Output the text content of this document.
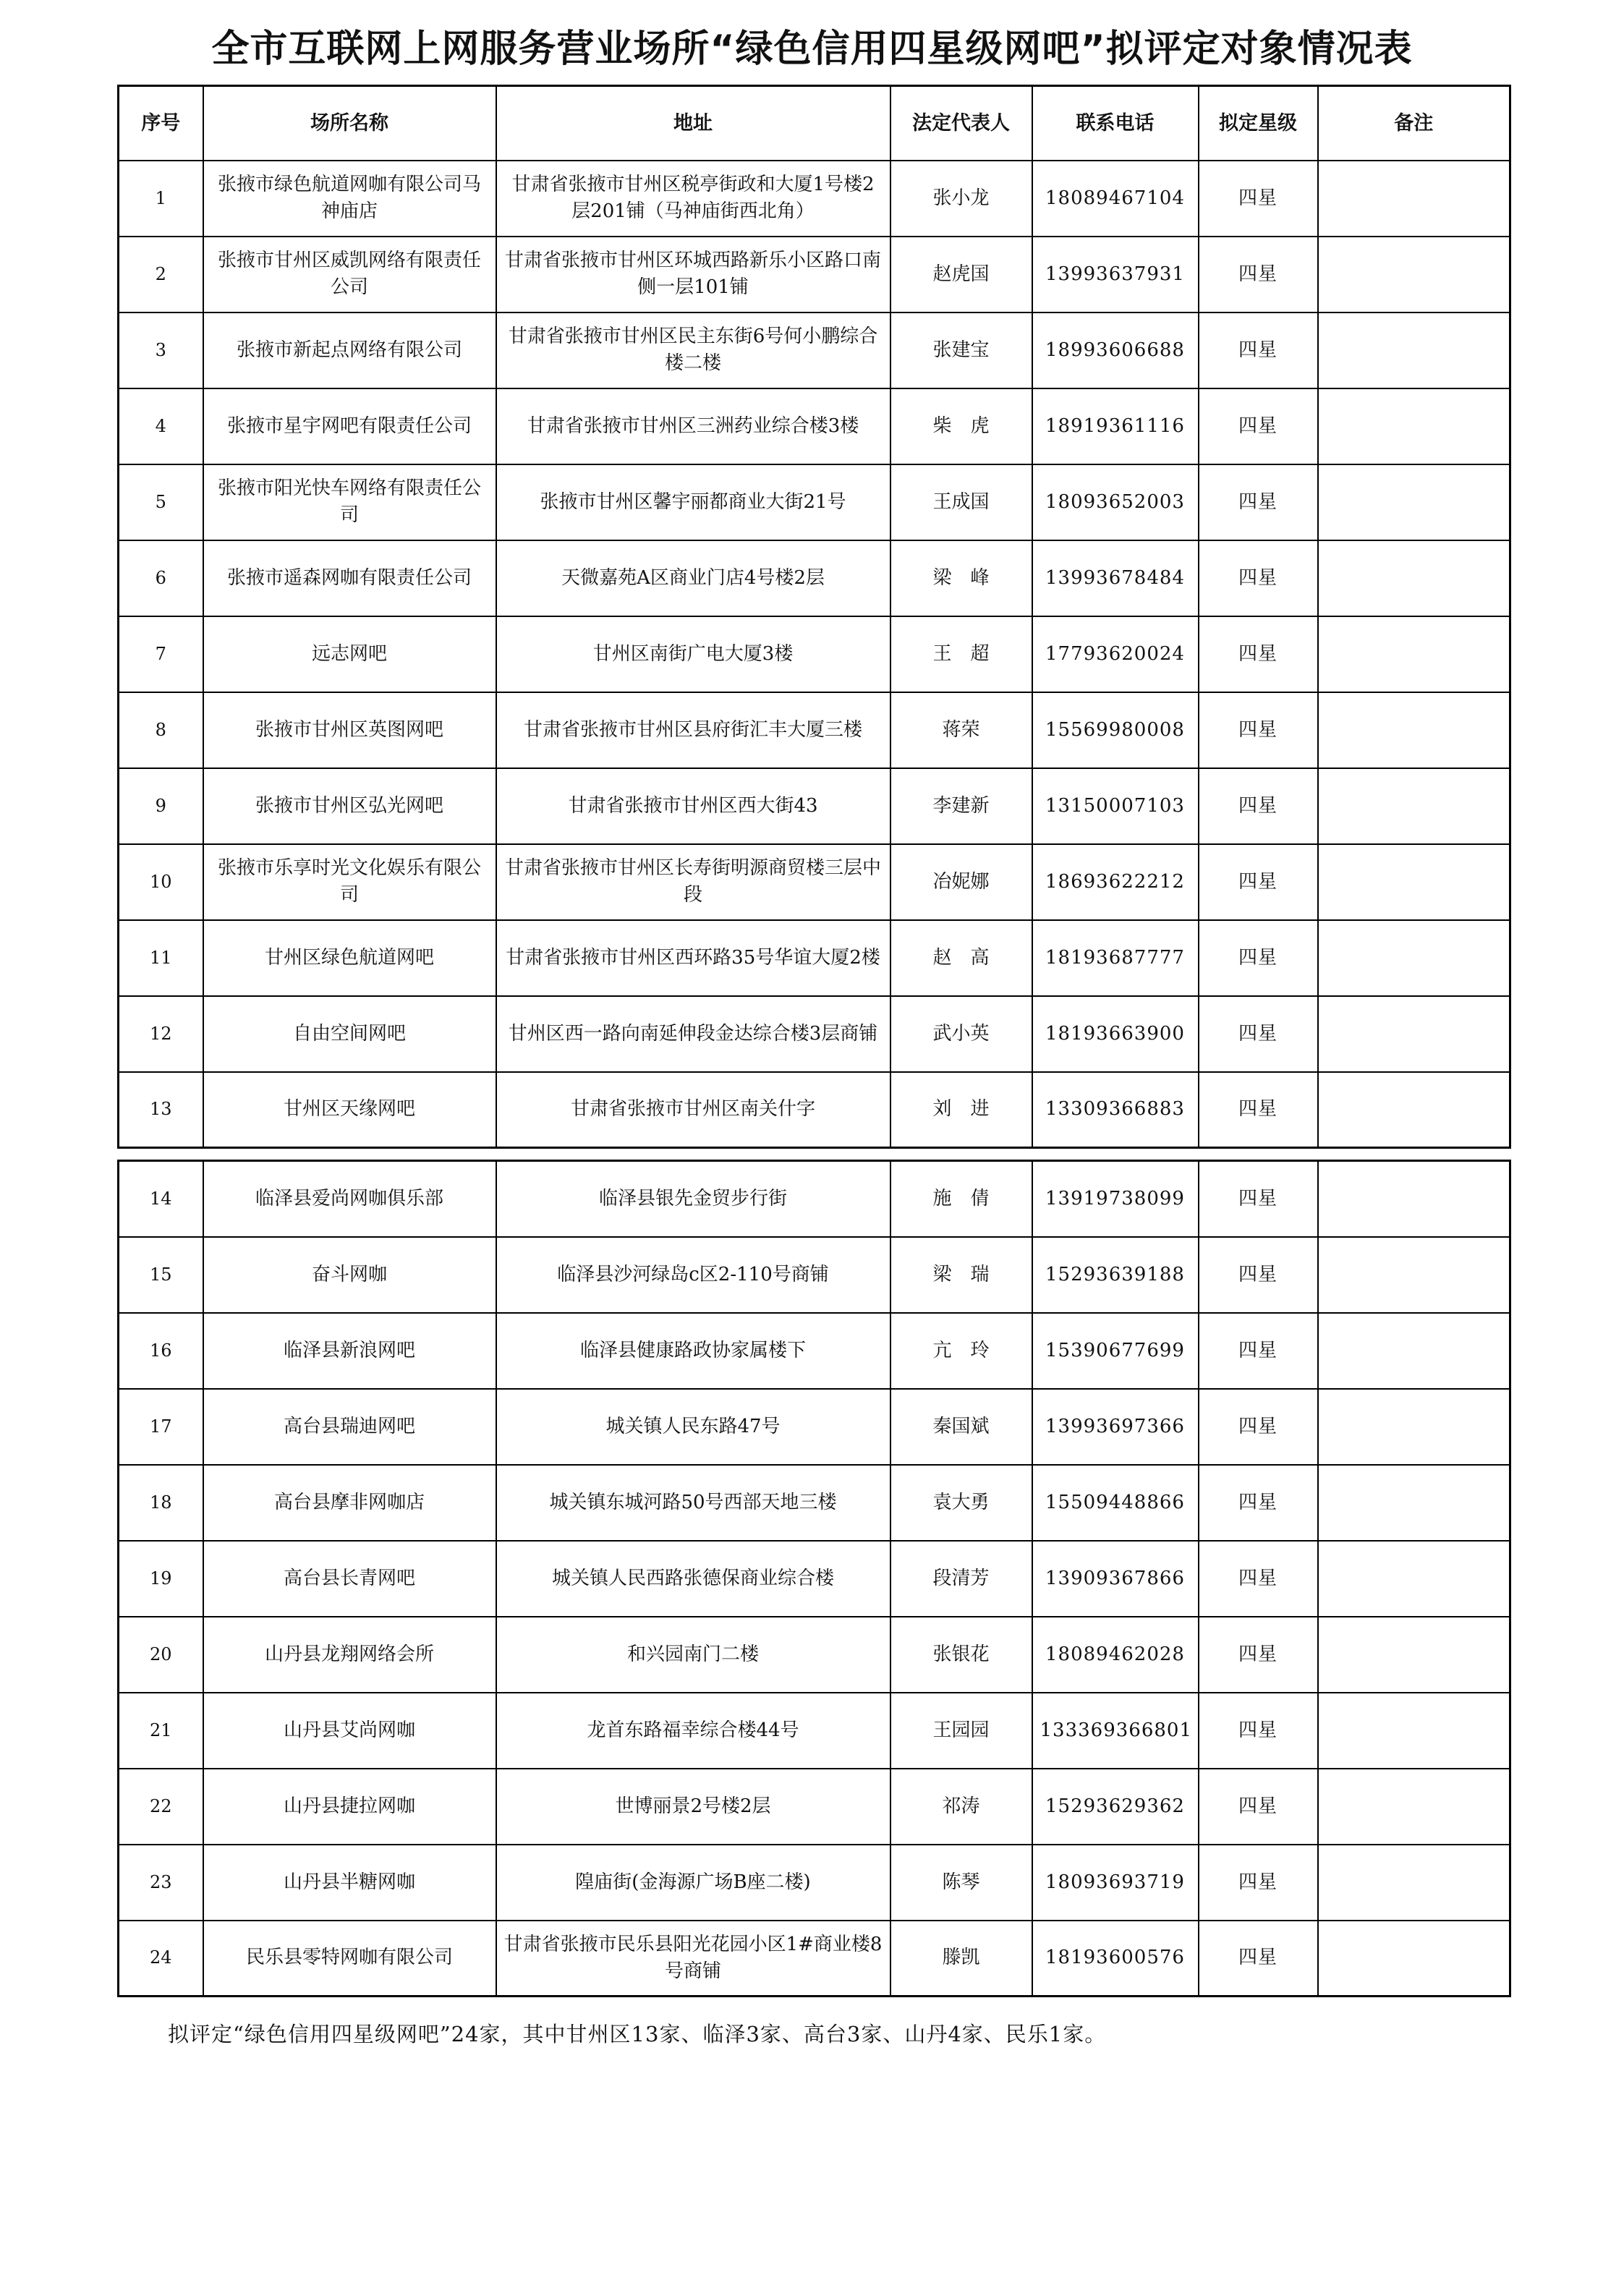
全市互联网上网服务营业场所“绿色信用四星级网吧”拟评定对象情况表
序号	场所名称	地址	法定代表人	联系电话	拟定星级	备注
1	张掖市绿色航道网咖有限公司马神庙店	甘肃省张掖市甘州区税亭街政和大厦1号楼2层201铺（马神庙街西北角）	张小龙	18089467104	四星	
2	张掖市甘州区威凯网络有限责任公司	甘肃省张掖市甘州区环城西路新乐小区路口南侧一层101铺	赵虎国	13993637931	四星	
3	张掖市新起点网络有限公司	甘肃省张掖市甘州区民主东街6号何小鹏综合楼二楼	张建宝	18993606688	四星	
4	张掖市星宇网吧有限责任公司	甘肃省张掖市甘州区三洲药业综合楼3楼	柴　虎	18919361116	四星	
5	张掖市阳光快车网络有限责任公司	张掖市甘州区馨宇丽都商业大街21号	王成国	18093652003	四星	
6	张掖市遥森网咖有限责任公司	天微嘉苑A区商业门店4号楼2层	梁　峰	13993678484	四星	
7	远志网吧	甘州区南街广电大厦3楼	王　超	17793620024	四星	
8	张掖市甘州区英图网吧	甘肃省张掖市甘州区县府街汇丰大厦三楼	蒋荣	15569980008	四星	
9	张掖市甘州区弘光网吧	甘肃省张掖市甘州区西大街43	李建新	13150007103	四星	
10	张掖市乐享时光文化娱乐有限公司	甘肃省张掖市甘州区长寿街明源商贸楼三层中段	冶妮娜	18693622212	四星	
11	甘州区绿色航道网吧	甘肃省张掖市甘州区西环路35号华谊大厦2楼	赵　高	18193687777	四星	
12	自由空间网吧	甘州区西一路向南延伸段金达综合楼3层商铺	武小英	18193663900	四星	
13	甘州区天缘网吧	甘肃省张掖市甘州区南关什字	刘　进	13309366883	四星	
14	临泽县爱尚网咖俱乐部	临泽县银先金贸步行街	施　倩	13919738099	四星	
15	奋斗网咖	临泽县沙河绿岛c区2-110号商铺	梁　瑞	15293639188	四星	
16	临泽县新浪网吧	临泽县健康路政协家属楼下	亢　玲	15390677699	四星	
17	高台县瑞迪网吧	城关镇人民东路47号	秦国斌	13993697366	四星	
18	高台县摩非网咖店	城关镇东城河路50号西部天地三楼	袁大勇	15509448866	四星	
19	高台县长青网吧	城关镇人民西路张德保商业综合楼	段清芳	13909367866	四星	
20	山丹县龙翔网络会所	和兴园南门二楼	张银花	18089462028	四星	
21	山丹县艾尚网咖	龙首东路福幸综合楼44号	王园园	133369366801	四星	
22	山丹县捷拉网咖	世博丽景2号楼2层	祁涛	15293629362	四星	
23	山丹县半糖网咖	隍庙街(金海源广场B座二楼)	陈琴	18093693719	四星	
24	民乐县零特网咖有限公司	甘肃省张掖市民乐县阳光花园小区1#商业楼8号商铺	滕凯	18193600576	四星	
拟评定“绿色信用四星级网吧”24家，其中甘州区13家、临泽3家、高台3家、山丹4家、民乐1家。
